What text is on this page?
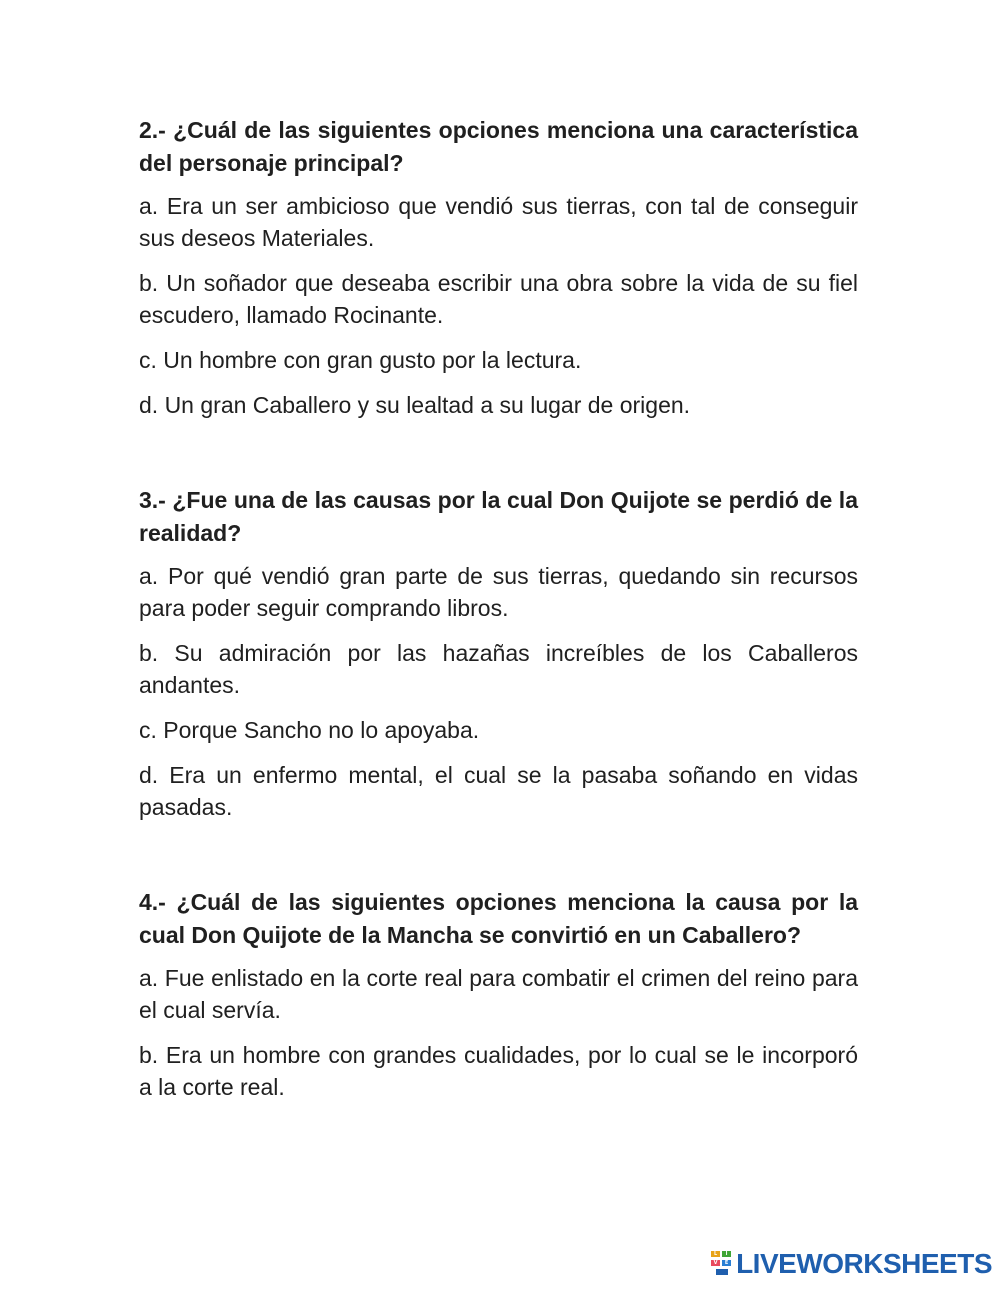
2.- ¿Cuál de las siguientes opciones menciona una característica del personaje principal?

a. Era un ser ambicioso que vendió sus tierras, con tal de conseguir sus deseos Materiales.

b. Un soñador que deseaba escribir una obra sobre la vida de su fiel escudero, llamado Rocinante.

c. Un hombre con gran gusto por la lectura.

d. Un gran Caballero y su lealtad a su lugar de origen.

3.- ¿Fue una de las causas por la cual Don Quijote se perdió de la realidad?

a. Por qué vendió gran parte de sus tierras, quedando sin recursos para poder seguir comprando libros.

b. Su admiración por las hazañas increíbles de los Caballeros andantes.

c. Porque Sancho no lo apoyaba.

d. Era un enfermo mental, el cual se la pasaba soñando en vidas pasadas.

4.- ¿Cuál de las siguientes opciones menciona la causa por la cual Don Quijote de la Mancha se convirtió en un Caballero?

a. Fue enlistado en la corte real para combatir el crimen del reino para el cual servía.

b. Era un hombre con grandes cualidades, por lo cual se le incorporó a la corte real.

L	I
V	E LIVEWORKSHEETS
